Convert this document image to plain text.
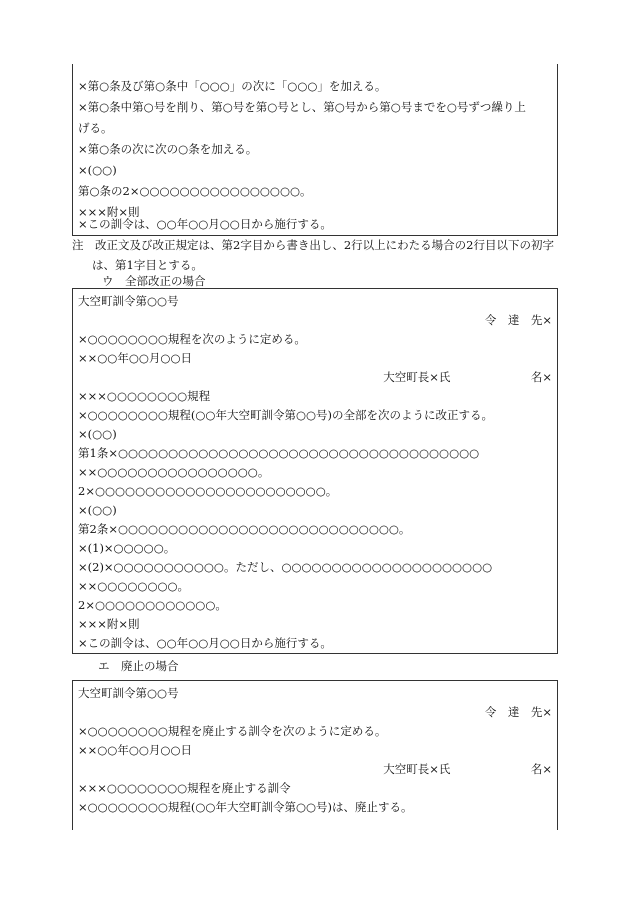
×第○条及び第○条中「○○○」の次に「○○○」を加える。
×第○条中第○号を削り、第○号を第○号とし、第○号から第○号までを○号ずつ繰り上
げる。
×第○条の次に次の○条を加える。
×(○○)
第○条の2×○○○○○○○○○○○○○○○○。
×××附×則
×この訓令は、○○年○○月○○日から施行する。
注　改正文及び改正規定は、第2字目から書き出し、2行以上にわたる場合の2行目以下の初字
は、第1字目とする。
ウ　全部改正の場合
大空町訓令第○○号
令　達　先×
×○○○○○○○○規程を次のように定める。
××○○年○○月○○日
大空町長×氏　　　　　　　名×
×××○○○○○○○○規程
×○○○○○○○○規程(○○年大空町訓令第○○号)の全部を次のように改正する。
×(○○)
第1条×○○○○○○○○○○○○○○○○○○○○○○○○○○○○○○○○○○○○
××○○○○○○○○○○○○○○○○。
2×○○○○○○○○○○○○○○○○○○○○○○○。
×(○○)
第2条×○○○○○○○○○○○○○○○○○○○○○○○○○○○○。
×(1)×○○○○○。
×(2)×○○○○○○○○○○○。ただし、○○○○○○○○○○○○○○○○○○○○○
××○○○○○○○○。
2×○○○○○○○○○○○○。
×××附×則
×この訓令は、○○年○○月○○日から施行する。
エ　廃止の場合
大空町訓令第○○号
令　達　先×
×○○○○○○○○規程を廃止する訓令を次のように定める。
××○○年○○月○○日
大空町長×氏　　　　　　　名×
×××○○○○○○○○規程を廃止する訓令
×○○○○○○○○規程(○○年大空町訓令第○○号)は、廃止する。
